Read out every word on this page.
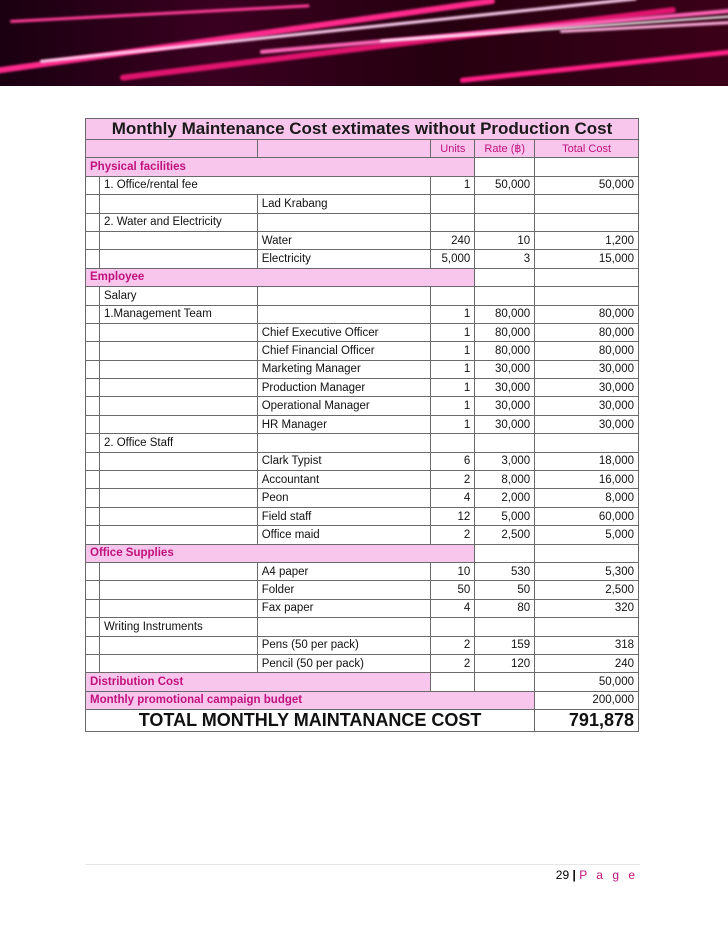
Monthly Maintenance Cost extimates without Production Cost					
			Units	Rate (฿)	Total Cost
Physical facilities					
	1. Office/rental fee		1	50,000	50,000
		Lad Krabang			
	2. Water and Electricity				
		Water	240	10	1,200
		Electricity	5,000	3	15,000
Employee					
	Salary				
	1.Management Team		1	80,000	80,000
		Chief Executive Officer	1	80,000	80,000
		Chief Financial Officer	1	80,000	80,000
		Marketing Manager	1	30,000	30,000
		Production Manager	1	30,000	30,000
		Operational Manager	1	30,000	30,000
		HR Manager	1	30,000	30,000
	2. Office Staff				
		Clark Typist	6	3,000	18,000
		Accountant	2	8,000	16,000
		Peon	4	2,000	8,000
		Field staff	12	5,000	60,000
		Office maid	2	2,500	5,000
Office Supplies					
		A4 paper	10	530	5,300
		Folder	50	50	2,500
		Fax paper	4	80	320
	Writing Instruments				
		Pens (50 per pack)	2	159	318
		Pencil (50 per pack)	2	120	240
Distribution Cost					50,000
Monthly promotional campaign budget					200,000
TOTAL MONTHLY MAINTANANCE COST					791,878
29 | P a g e
